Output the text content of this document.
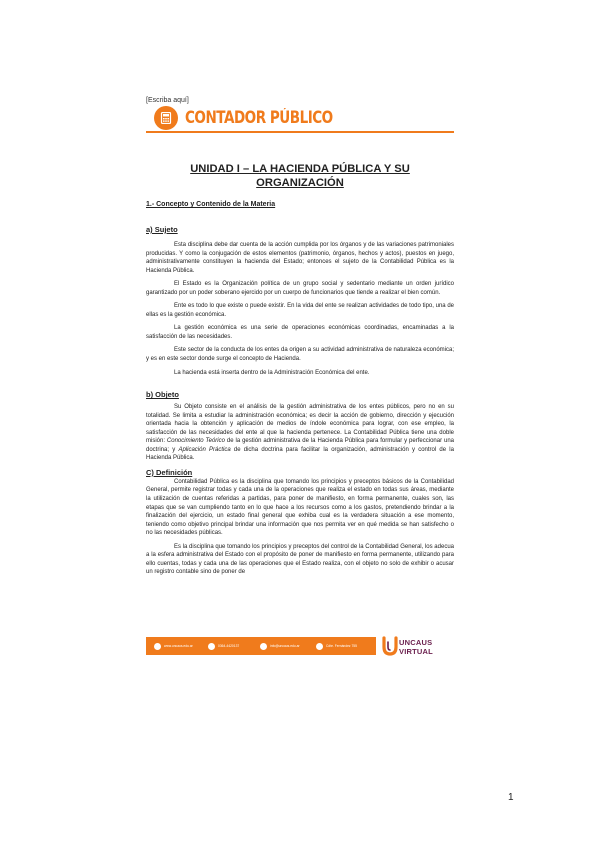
[Escriba aquí]
CONTADOR PÚBLICO
UNIDAD I – LA HACIENDA PÚBLICA Y SU ORGANIZACIÓN
1.- Concepto y Contenido de la Materia
a) Sujeto

Esta disciplina debe dar cuenta de la acción cumplida por los órganos y de las variaciones patrimoniales producidas. Y como la conjugación de estos elementos (patrimonio, órganos, hechos y actos), puestos en juego, administrativamente constituyen la hacienda del Estado; entonces el sujeto de la Contabilidad Pública es la Hacienda Pública.

El Estado es la Organización política de un grupo social y sedentario mediante un orden jurídico garantizado por un poder soberano ejercido por un cuerpo de funcionarios que tiende a realizar el bien común.

Ente es todo lo que existe o puede existir. En la vida del ente se realizan actividades de todo tipo, una de ellas es la gestión económica.

La gestión económica es una serie de operaciones económicas coordinadas, encaminadas a la satisfacción de las necesidades.

Este sector de la conducta de los entes da origen a su actividad administrativa de naturaleza económica; y es en este sector donde surge el concepto de Hacienda.

La hacienda está inserta dentro de la Administración Económica del ente.

b) Objeto

Su Objeto consiste en el análisis de la gestión administrativa de los entes públicos, pero no en su totalidad. Se limita a estudiar la administración económica; es decir la acción de gobierno, dirección y ejecución orientada hacia la obtención y aplicación de medios de índole económica para lograr, con ese empleo, la satisfacción de las necesidades del ente al que la hacienda pertenece. La Contabilidad Pública tiene una doble misión: Conocimiento Teórico de la gestión administrativa de la Hacienda Pública para formular y perfeccionar una doctrina; y Aplicación Práctica de dicha doctrina para facilitar la organización, administración y control de la Hacienda Pública.

C) Definición

Contabilidad Pública es la disciplina que tomando los principios y preceptos básicos de la Contabilidad General, permite registrar todas y cada una de la operaciones que realiza el estado en todas sus áreas, mediante la utilización de cuentas referidas a partidas, para poner de manifiesto, en forma permanente, cuales son, las etapas que se van cumpliendo tanto en lo que hace a los recursos como a los gastos, pretendiendo brindar a la finalización del ejercicio, un estado final general que exhiba cual es la verdadera situación a ese momento, teniendo como objetivo principal brindar una información que nos permita ver en qué medida se han satisfecho o no las necesidades públicas.

Es la disciplina que tomando los principios y preceptos del control de la Contabilidad General, los adecua a la esfera administrativa del Estado con el propósito de poner de manifiesto en forma permanente, utilizando para ello cuentas, todas y cada una de las operaciones que el Estado realiza, con el objeto no solo de exhibir o acusar un registro contable sino de poner de

www.uncaus.edu.ar	0364-4420137	info@uncaus.edu.ar	Cdte. Fernández 755	UNCAUS
VIRTUAL
1
